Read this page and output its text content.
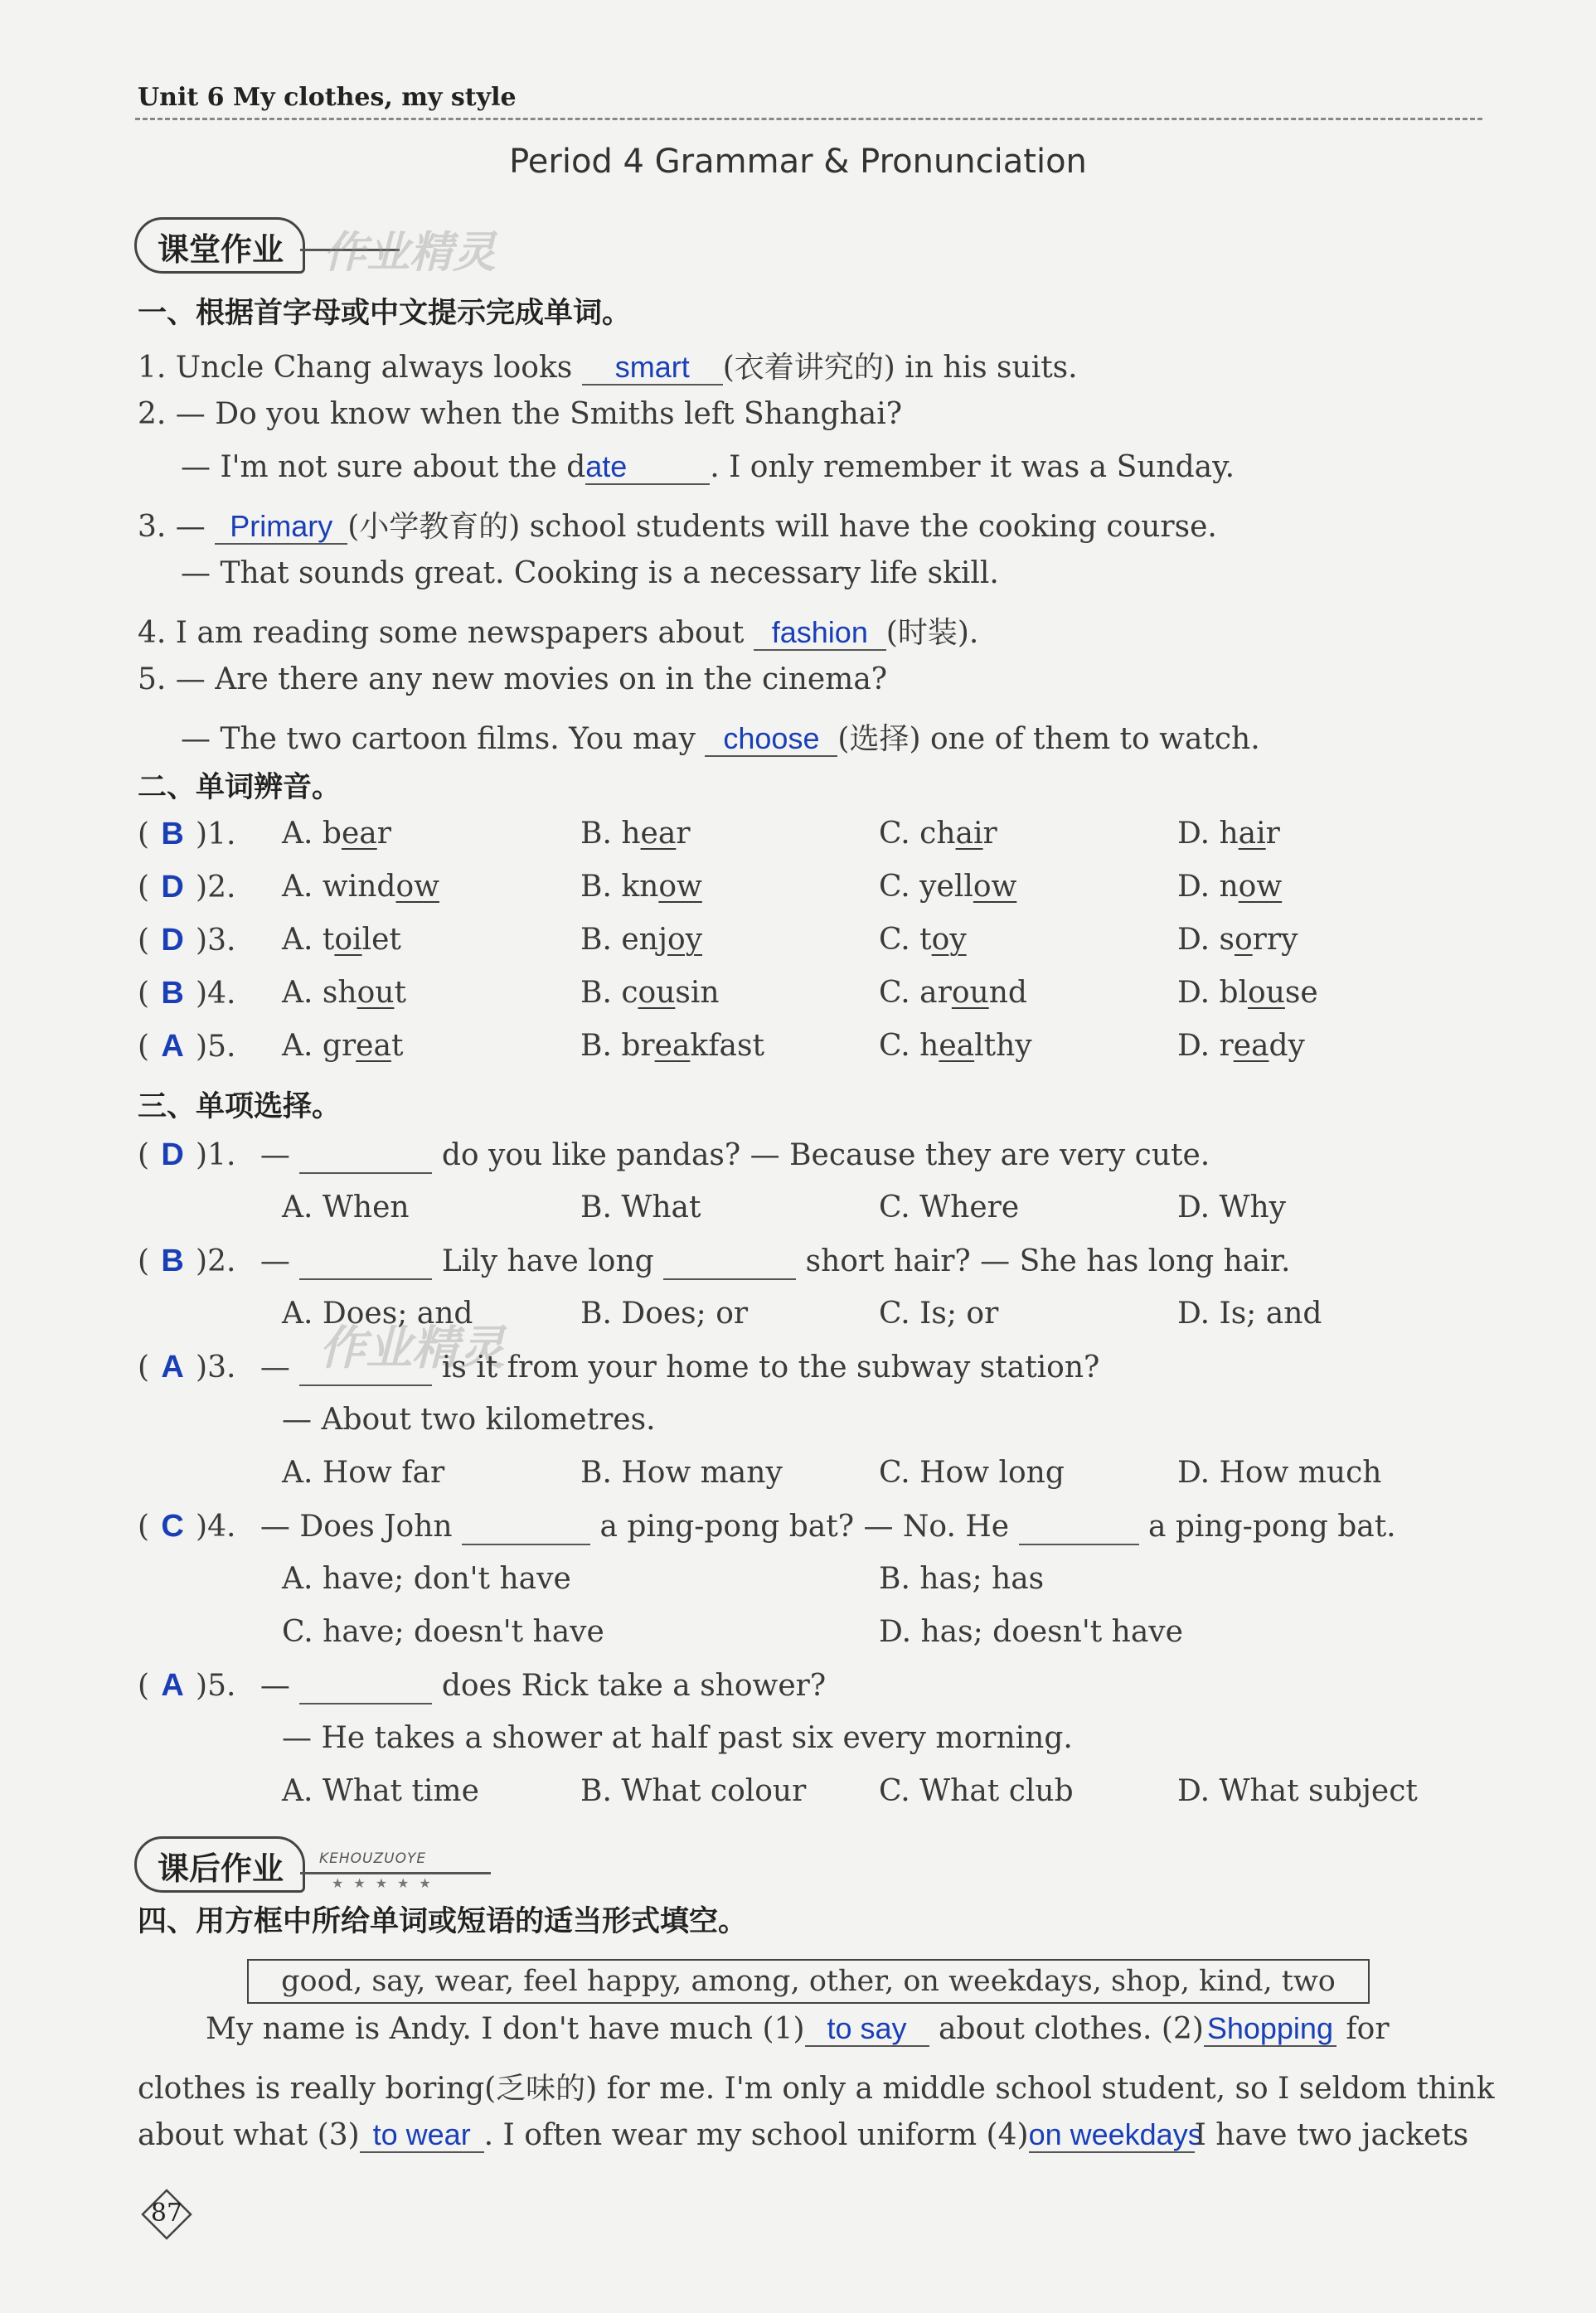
Unit 6 My clothes, my style
Period 4 Grammar & Pronunciation
课堂作业 作业精灵
一、根据首字母或中文提示完成单词。
1. Uncle Chang always looks smart (衣着讲究的) in his suits.
2. — Do you know when the Smiths left Shanghai?
— I'm not sure about the date	. I only remember it was a Sunday.
3. — Primary (小学教育的) school students will have the cooking course.
— That sounds great. Cooking is a necessary life skill.
4. I am reading some newspapers about fashion (时装).
5. — Are there any new movies on in the cinema?
— The two cartoon films. You may choose (选择) one of them to watch.
二、单词辨音。
( B )1. A. bear	B. hear	C. chair	D. hair
( D )2. A. window	B. know	C. yellow	D. now
( D )3. A. toilet	B. enjoy	C. toy	D. sorry
( B )4. A. shout	B. cousin	C. around	D. blouse
( A )5. A. great	B. breakfast	C. healthy	D. ready
三、单项选择。
( D )1. —	do you like pandas? — Because they are very cute.
A. When	B. What	C. Where	D. Why
( B )2. —	Lily have long	short hair? — She has long hair.
A. Does; and	B. Does; or	C. Is; or	D. Is; and
作业精灵
( A )3. —	is it from your home to the subway station?
— About two kilometres.
A. How far	B. How many	C. How long	D. How much
( C )4. — Does John	a ping-pong bat? — No. He	a ping-pong bat.
A. have; don't have	B. has; has
C. have; doesn't have	D. has; doesn't have
( A )5. —	does Rick take a shower?
— He takes a shower at half past six every morning.
A. What time	B. What colour C. What club	D. What subject
课后作业	KEHOUZUOYE
★★★★★
四、用方框中所给单词或短语的适当形式填空。
good, say, wear, feel happy, among, other, on weekdays, shop, kind, two
My name is Andy. I don't have much (1) to say about clothes. (2) Shopping for
clothes is really boring(乏味的) for me. I'm only a middle school student, so I seldom think
about what (3) to wear . I often wear my school uniform (4)on weekdaysI have two jackets
87
